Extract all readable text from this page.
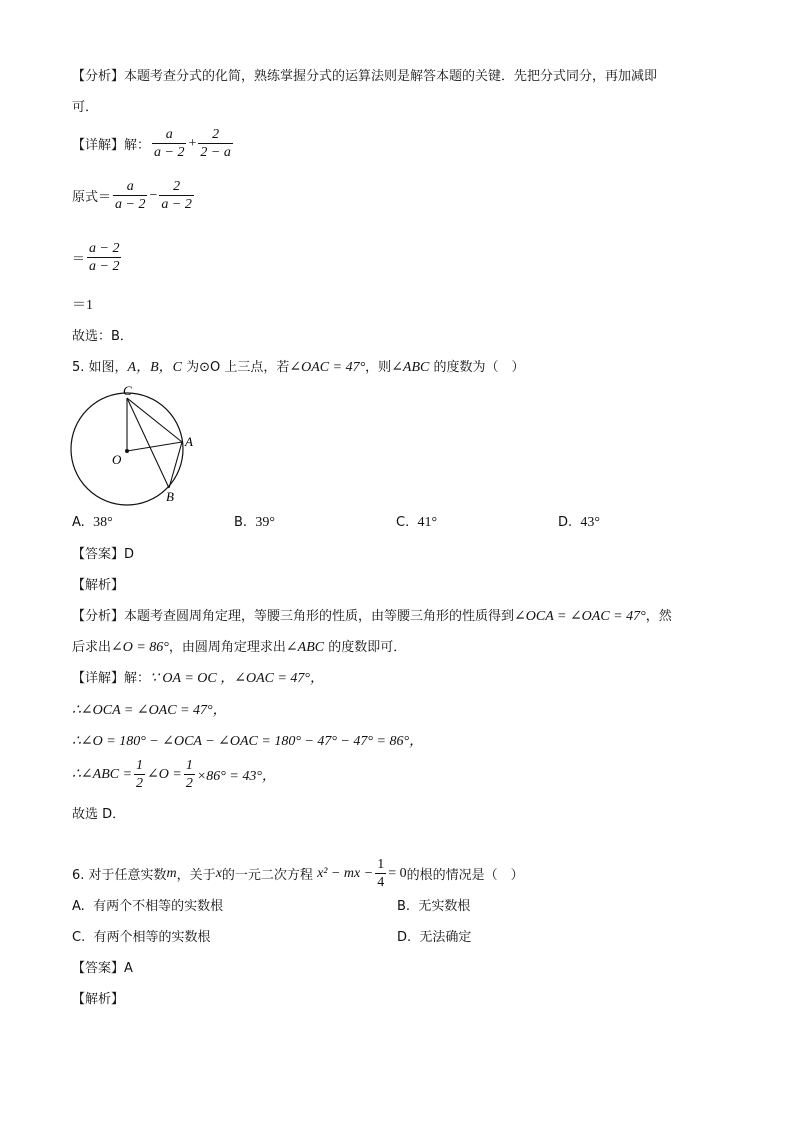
【分析】本题考查分式的化简，熟练掌握分式的运算法则是解答本题的关键．先把分式同分，再加减即
可．
【详解】解： $\frac{a}{a - 2} + \frac{2}{2 - a}$
原式＝ $\frac{a}{a - 2} - \frac{2}{a - 2}$
＝ $\frac{a - 2}{a - 2}$
＝1
故选：B．
5. 如图，A，B，C 为⊙O 上三点，若∠OAC = 47°，则∠ABC 的度数为（　）
C
A
O
B
A. 38°	B. 39°	C. 41°	D. 43°
【答案】D
【解析】
【分析】本题考查圆周角定理，等腰三角形的性质，由等腰三角形的性质得到∠OCA = ∠OAC = 47°，然
后求出∠O = 86°，由圆周角定理求出∠ABC 的度数即可．
【详解】解：∵ OA = OC ，∠OAC = 47°，
∴∠OCA = ∠OAC = 47°，
∴∠O = 180° − ∠OCA − ∠OAC = 180° − 47° − 47° = 86°，
∴∠ABC = $\frac{1}{2}$ ∠O = $\frac{1}{2} \times 86^\circ = 43^\circ$，
故选 D．
6. 对于任意实数 m ，关于 x 的一元二次方程
x² − mx − $\frac{1}{4} = 0$ 的根的情况是（　）
A. 有两个不相等的实数根	B. 无实数根
C. 有两个相等的实数根	D. 无法确定
【答案】A
【解析】
